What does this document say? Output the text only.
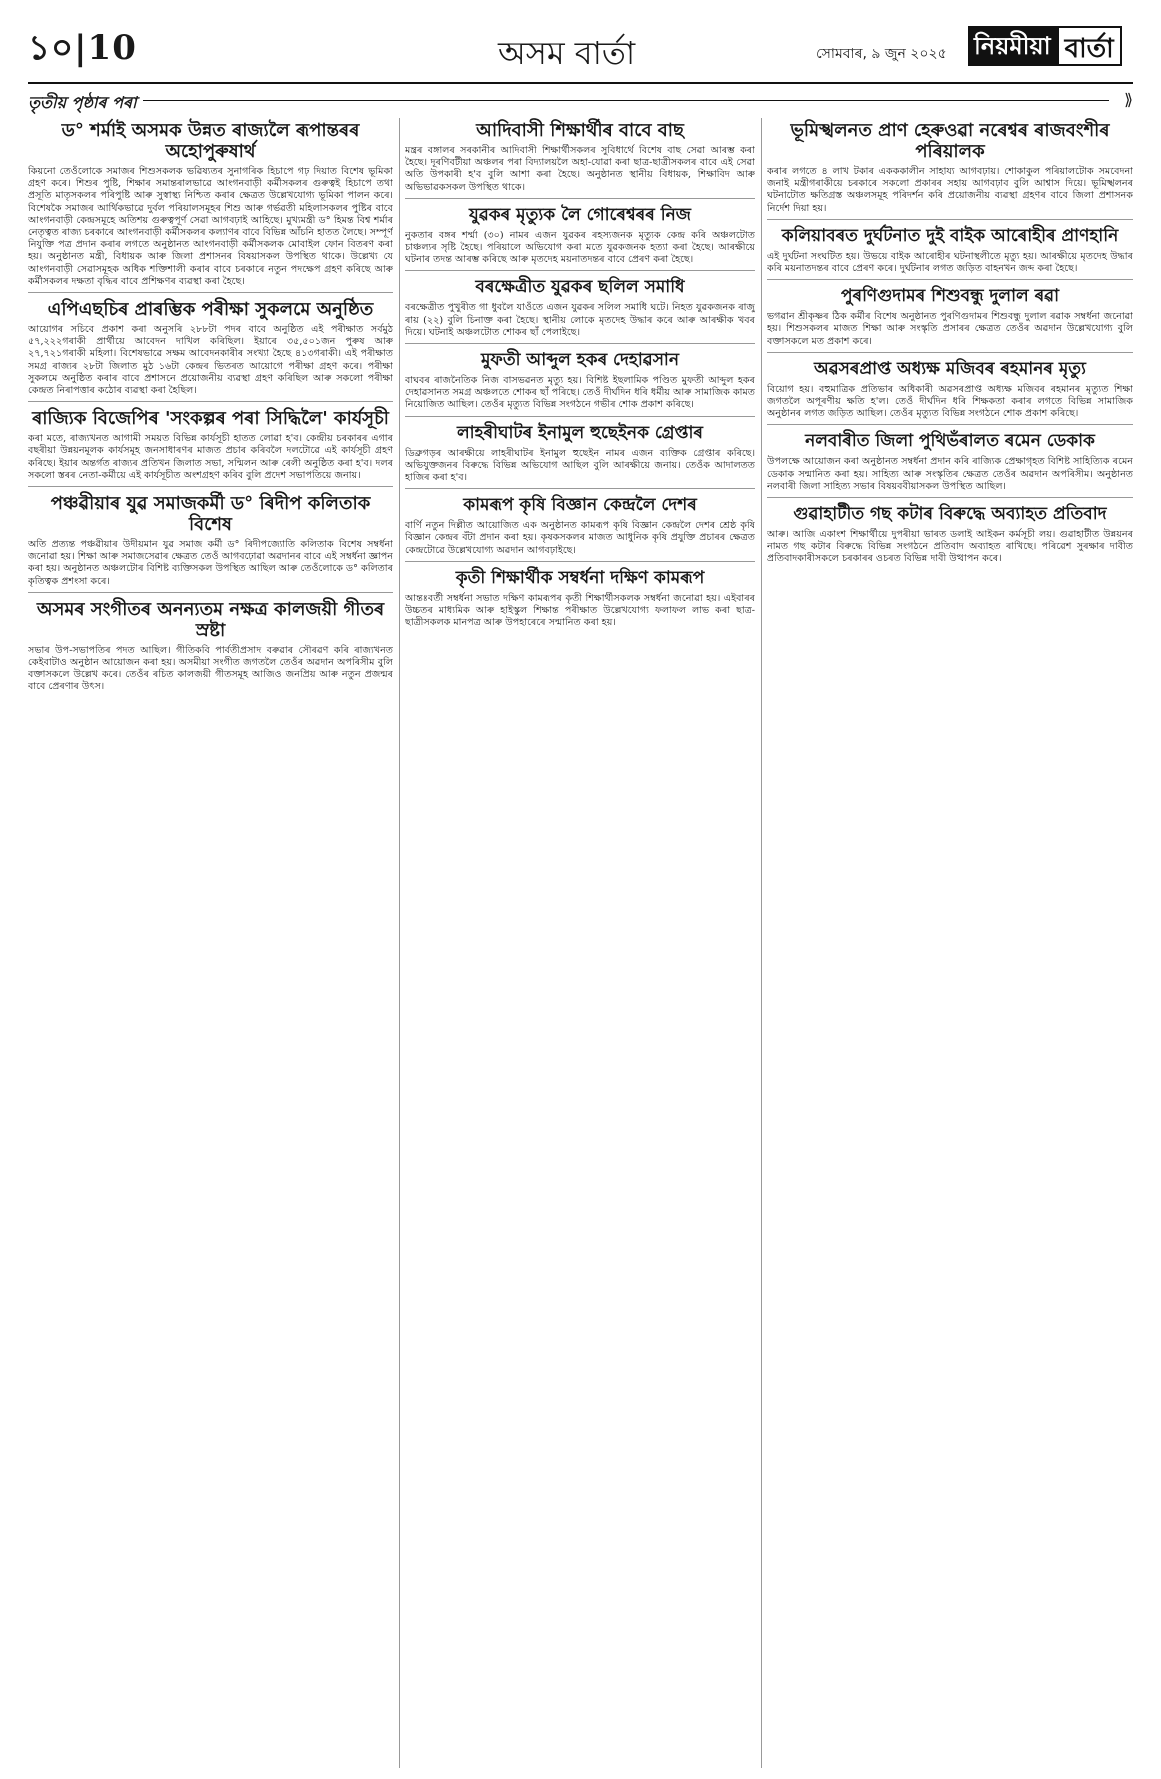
১০|10	অসম বাৰ্তা	সোমবাৰ, ৯ জুন ২০২৫ নিয়মীয়া বাৰ্তা
তৃতীয় পৃষ্ঠাৰ পৰা	⟫
ড° শৰ্মাই অসমক উন্নত ৰাজ্যলৈ ৰূপান্তৰৰ অহোপুৰুষাৰ্থ

কিয়নো তেওঁলোকে সমাজৰ শিশুসকলক ভৱিষ্যতৰ সুনাগৰিক হিচাপে গঢ় দিয়াত বিশেষ ভূমিকা গ্ৰহণ কৰে। শিশুৰ পুষ্টি, শিক্ষাৰ সমান্তৰালভাৱে আংগনবাড়ী কৰ্মীসকলৰ গুৰুত্বই হিচাপে তথা প্ৰসূতি মাতৃসকলৰ পৰিপুষ্টি আৰু সুস্বাস্থ্য নিশ্চিত কৰাৰ ক্ষেত্ৰত উল্লেখযোগ্য ভূমিকা পালন কৰে। বিশেষকৈ সমাজৰ আৰ্থিকভাৱে দুৰ্বল পৰিয়ালসমূহৰ শিশু আৰু গৰ্ভৱতী মহিলাসকলৰ পুষ্টিৰ বাবে আংগনবাড়ী কেন্দ্ৰসমূহে অতিশয় গুৰুত্বপূৰ্ণ সেৱা আগবঢ়াই আহিছে। মুখ্যমন্ত্ৰী ড° হিমন্ত বিশ্ব শৰ্মাৰ নেতৃত্বত ৰাজ্য চৰকাৰে আংগনবাড়ী কৰ্মীসকলৰ কল্যাণৰ বাবে বিভিন্ন আঁচনি হাতত লৈছে। সম্পূৰ্ণ নিযুক্তি পত্ৰ প্ৰদান কৰাৰ লগতে অনুষ্ঠানত আংগনবাড়ী কৰ্মীসকলক মোবাইল ফোন বিতৰণ কৰা হয়। অনুষ্ঠানত মন্ত্ৰী, বিধায়ক আৰু জিলা প্ৰশাসনৰ বিষয়াসকল উপস্থিত থাকে। উল্লেখ্য যে আংগনবাড়ী সেৱাসমূহক অধিক শক্তিশালী কৰাৰ বাবে চৰকাৰে নতুন পদক্ষেপ গ্ৰহণ কৰিছে আৰু কৰ্মীসকলৰ দক্ষতা বৃদ্ধিৰ বাবে প্ৰশিক্ষণৰ ব্যৱস্থা কৰা হৈছে।

এপিএছচিৰ প্ৰাৰম্ভিক পৰীক্ষা সুকলমে অনুষ্ঠিত

আয়োগৰ সচিবে প্ৰকাশ কৰা অনুসৰি ২৮৮টা পদৰ বাবে অনুষ্ঠিত এই পৰীক্ষাত সৰ্বমুঠ ৫৭,২২২গৰাকী প্ৰাৰ্থীয়ে আবেদন দাখিল কৰিছিল। ইয়াৰে ৩৫,৫০১জন পুৰুষ আৰু ২৭,৭২১গৰাকী মহিলা। বিশেষভাৱে সক্ষম আবেদনকাৰীৰ সংখ্যা হৈছে ৪১৩গৰাকী। এই পৰীক্ষাত সমগ্ৰ ৰাজ্যৰ ২৮টা জিলাত মুঠ ১৬টা কেন্দ্ৰৰ ভিতৰত আয়োগে পৰীক্ষা গ্ৰহণ কৰে। পৰীক্ষা সুকলমে অনুষ্ঠিত কৰাৰ বাবে প্ৰশাসনে প্ৰয়োজনীয় ব্যৱস্থা গ্ৰহণ কৰিছিল আৰু সকলো পৰীক্ষা কেন্দ্ৰত নিৰাপত্তাৰ কঠোৰ ব্যৱস্থা কৰা হৈছিল।

ৰাজ্যিক বিজেপিৰ 'সংকল্পৰ পৰা সিদ্ধিলৈ' কাৰ্যসূচী

কৰা মতে, ৰাজ্যখনত আগামী সময়ত বিভিন্ন কাৰ্যসূচী হাতত লোৱা হ'ব। কেন্দ্ৰীয় চৰকাৰৰ এগাৰ বছৰীয়া উন্নয়নমূলক কাৰ্যসমূহ জনসাধাৰণৰ মাজত প্ৰচাৰ কৰিবলৈ দলটোৱে এই কাৰ্যসূচী গ্ৰহণ কৰিছে। ইয়াৰ অন্তৰ্গত ৰাজ্যৰ প্ৰতিখন জিলাত সভা, সন্মিলন আৰু ৰেলী অনুষ্ঠিত কৰা হ'ব। দলৰ সকলো স্তৰৰ নেতা-কৰ্মীয়ে এই কাৰ্যসূচীত অংশগ্ৰহণ কৰিব বুলি প্ৰদেশ সভাপতিয়ে জনায়।

পঞ্চৱীয়াৰ যুৱ সমাজকৰ্মী ড° ৰিদীপ কলিতাক বিশেষ

অতি প্ৰত্যন্ত পঞ্চৱীয়াৰ উদীয়মান যুৱ সমাজ কৰ্মী ড° ৰিদীপজ্যোতি কলিতাক বিশেষ সম্বৰ্ধনা জনোৱা হয়। শিক্ষা আৰু সমাজসেৱাৰ ক্ষেত্ৰত তেওঁ আগবঢ়োৱা অৱদানৰ বাবে এই সম্বৰ্ধনা জ্ঞাপন কৰা হয়। অনুষ্ঠানত অঞ্চলটোৰ বিশিষ্ট ব্যক্তিসকল উপস্থিত আছিল আৰু তেওঁলোকে ড° কলিতাৰ কৃতিত্বক প্ৰশংসা কৰে।

অসমৰ সংগীতৰ অনন্যতম নক্ষত্ৰ কালজয়ী গীতৰ স্ৰষ্টা

সভাৰ উপ-সভাপতিৰ পদত আছিল। গীতিকবি পাৰ্বতীপ্ৰসাদ বৰুৱাৰ সৌৰৱণ কৰি ৰাজ্যখনত কেইবাটাও অনুষ্ঠান আয়োজন কৰা হয়। অসমীয়া সংগীত জগতলৈ তেওঁৰ অৱদান অপৰিসীম বুলি বক্তাসকলে উল্লেখ কৰে। তেওঁৰ ৰচিত কালজয়ী গীতসমূহ আজিও জনপ্ৰিয় আৰু নতুন প্ৰজন্মৰ বাবে প্ৰেৰণাৰ উৎস।

আদিবাসী শিক্ষাৰ্থীৰ বাবে বাছ

মন্ত্ৰৰ বঙ্গালৰ সৰকানীৰ আদিবাসী শিক্ষাৰ্থীসকলৰ সুবিধাৰ্থে বিশেষ বাছ সেৱা আৰম্ভ কৰা হৈছে। দূৰণিবটীয়া অঞ্চলৰ পৰা বিদ্যালয়লৈ অহা-যোৱা কৰা ছাত্ৰ-ছাত্ৰীসকলৰ বাবে এই সেৱা অতি উপকাৰী হ'ব বুলি আশা কৰা হৈছে। অনুষ্ঠানত স্থানীয় বিধায়ক, শিক্ষাবিদ আৰু অভিভাৱকসকল উপস্থিত থাকে।

যুৱকৰ মৃত্যুক লৈ গোৰেশ্বৰৰ নিজ

নুকতাৰ বঙ্গৰ শৰ্ম্মা (৩০) নামৰ এজন যুৱকৰ ৰহস্যজনক মৃত্যুক কেন্দ্ৰ কৰি অঞ্চলটোত চাঞ্চল্যৰ সৃষ্টি হৈছে। পৰিয়ালে অভিযোগ কৰা মতে যুৱকজনক হত্যা কৰা হৈছে। আৰক্ষীয়ে ঘটনাৰ তদন্ত আৰম্ভ কৰিছে আৰু মৃতদেহ ময়নাতদন্তৰ বাবে প্ৰেৰণ কৰা হৈছে।

বৰক্ষেত্ৰীত যুৱকৰ ছলিল সমাধি

বৰক্ষেত্ৰীত পুখুৰীত গা ধুবলৈ যাওঁতে এজন যুৱকৰ সলিল সমাধি ঘটে। নিহত যুৱকজনক ৰাজু ৰায় (২২) বুলি চিনাক্ত কৰা হৈছে। স্থানীয় লোকে মৃতদেহ উদ্ধাৰ কৰে আৰু আৰক্ষীক খবৰ দিয়ে। ঘটনাই অঞ্চলটোত শোকৰ ছাঁ পেলাইছে।

মুফতী আব্দুল হকৰ দেহাৱসান

বাঘবৰ ৰাজনৈতিক নিজ বাসভৱনত মৃত্যু হয়। বিশিষ্ট ইছলামিক পণ্ডিত মুফতী আব্দুল হকৰ দেহাৱসানত সমগ্ৰ অঞ্চলতে শোকৰ ছাঁ পৰিছে। তেওঁ দীৰ্ঘদিন ধৰি ধৰ্মীয় আৰু সামাজিক কামত নিয়োজিত আছিল। তেওঁৰ মৃত্যুত বিভিন্ন সংগঠনে গভীৰ শোক প্ৰকাশ কৰিছে।

লাহৰীঘাটৰ ইনামুল হুছেইনক গ্ৰেপ্তাৰ

ডিব্ৰুগড়ৰ আৰক্ষীয়ে লাহৰীঘাটৰ ইনামুল হুছেইন নামৰ এজন ব্যক্তিক গ্ৰেপ্তাৰ কৰিছে। অভিযুক্তজনৰ বিৰুদ্ধে বিভিন্ন অভিযোগ আছিল বুলি আৰক্ষীয়ে জনায়। তেওঁক আদালতত হাজিৰ কৰা হ'ব।

কামৰূপ কৃষি বিজ্ঞান কেন্দ্ৰলৈ দেশৰ

বাৰ্ণি নতুন দিল্লীত আয়োজিত এক অনুষ্ঠানত কামৰূপ কৃষি বিজ্ঞান কেন্দ্ৰলৈ দেশৰ শ্ৰেষ্ঠ কৃষি বিজ্ঞান কেন্দ্ৰৰ বঁটা প্ৰদান কৰা হয়। কৃষকসকলৰ মাজত আধুনিক কৃষি প্ৰযুক্তি প্ৰচাৰৰ ক্ষেত্ৰত কেন্দ্ৰটোৱে উল্লেখযোগ্য অৱদান আগবঢ়াইছে।

কৃতী শিক্ষাৰ্থীক সম্বৰ্ধনা দক্ষিণ কামৰূপ

আন্তঃবৰ্তী সম্বৰ্ধনা সভাত দক্ষিণ কামৰূপৰ কৃতী শিক্ষাৰ্থীসকলক সম্বৰ্ধনা জনোৱা হয়। এইবাৰৰ উচ্চতৰ মাধ্যমিক আৰু হাইস্কুল শিক্ষান্ত পৰীক্ষাত উল্লেখযোগ্য ফলাফল লাভ কৰা ছাত্ৰ-ছাত্ৰীসকলক মানপত্ৰ আৰু উপহাৰেৰে সন্মানিত কৰা হয়।

ভূমিস্খলনত প্ৰাণ হেৰুওৱা নৰেশ্বৰ ৰাজবংশীৰ পৰিয়ালক

কৰাৰ লগতে ৪ লাখ টকাৰ একককালীন সাহায্য আগবঢ়ায়। শোকাকুল পৰিয়ালটোক সমবেদনা জনাই মন্ত্ৰীগৰাকীয়ে চৰকাৰে সকলো প্ৰকাৰৰ সহায় আগবঢ়াব বুলি আশ্বাস দিয়ে। ভূমিস্খলনৰ ঘটনাটোত ক্ষতিগ্ৰস্ত অঞ্চলসমূহ পৰিদৰ্শন কৰি প্ৰয়োজনীয় ব্যৱস্থা গ্ৰহণৰ বাবে জিলা প্ৰশাসনক নিৰ্দেশ দিয়া হয়।

কলিয়াবৰত দুৰ্ঘটনাত দুই বাইক আৰোহীৰ প্ৰাণহানি

এই দুৰ্ঘটনা সংঘটিত হয়। উভয়ে বাইক আৰোহীৰ ঘটনাস্থলীতে মৃত্যু হয়। আৰক্ষীয়ে মৃতদেহ উদ্ধাৰ কৰি ময়নাতদন্তৰ বাবে প্ৰেৰণ কৰে। দুৰ্ঘটনাৰ লগত জড়িত বাহনখন জব্দ কৰা হৈছে।

পুৰণিগুদামৰ শিশুবন্ধু দুলাল ৰৱা

ভগৱান শ্ৰীকৃষ্ণৰ ঠিক কৰ্মীৰ বিশেষ অনুষ্ঠানত পুৰণিগুদামৰ শিশুবন্ধু দুলাল ৰৱাক সম্বৰ্ধনা জনোৱা হয়। শিশুসকলৰ মাজত শিক্ষা আৰু সংস্কৃতি প্ৰসাৰৰ ক্ষেত্ৰত তেওঁৰ অৱদান উল্লেখযোগ্য বুলি বক্তাসকলে মত প্ৰকাশ কৰে।

অৱসৰপ্ৰাপ্ত অধ্যক্ষ মজিবৰ ৰহমানৰ মৃত্যু

বিয়োগ হয়। বহুমাত্ৰিক প্ৰতিভাৰ অধিকাৰী অৱসৰপ্ৰাপ্ত অধ্যক্ষ মজিবৰ ৰহমানৰ মৃত্যুত শিক্ষা জগতলৈ অপূৰণীয় ক্ষতি হ'ল। তেওঁ দীৰ্ঘদিন ধৰি শিক্ষকতা কৰাৰ লগতে বিভিন্ন সামাজিক অনুষ্ঠানৰ লগত জড়িত আছিল। তেওঁৰ মৃত্যুত বিভিন্ন সংগঠনে শোক প্ৰকাশ কৰিছে।

নলবাৰীত জিলা পুথিভঁৰালত ৰমেন ডেকাক

উপলক্ষে আয়োজন কৰা অনুষ্ঠানত সম্বৰ্ধনা প্ৰদান কৰি ৰাজ্যিক প্ৰেক্ষাগৃহত বিশিষ্ট সাহিত্যিক ৰমেন ডেকাক সন্মানিত কৰা হয়। সাহিত্য আৰু সংস্কৃতিৰ ক্ষেত্ৰত তেওঁৰ অৱদান অপৰিসীম। অনুষ্ঠানত নলবাৰী জিলা সাহিত্য সভাৰ বিষয়ববীয়াসকল উপস্থিত আছিল।

গুৱাহাটীত গছ কটাৰ বিৰুদ্ধে অব্যাহত প্ৰতিবাদ

আৰু। আজি একাংশ শিক্ষাৰ্থীয়ে দুপৰীয়া ভাৰত ডলাই আইকন কৰ্মসূচী লয়। গুৱাহাটীত উন্নয়নৰ নামত গছ কটাৰ বিৰুদ্ধে বিভিন্ন সংগঠনে প্ৰতিবাদ অব্যাহত ৰাখিছে। পৰিৱেশ সুৰক্ষাৰ দাবীত প্ৰতিবাদকাৰীসকলে চৰকাৰৰ ওচৰত বিভিন্ন দাবী উত্থাপন কৰে।
